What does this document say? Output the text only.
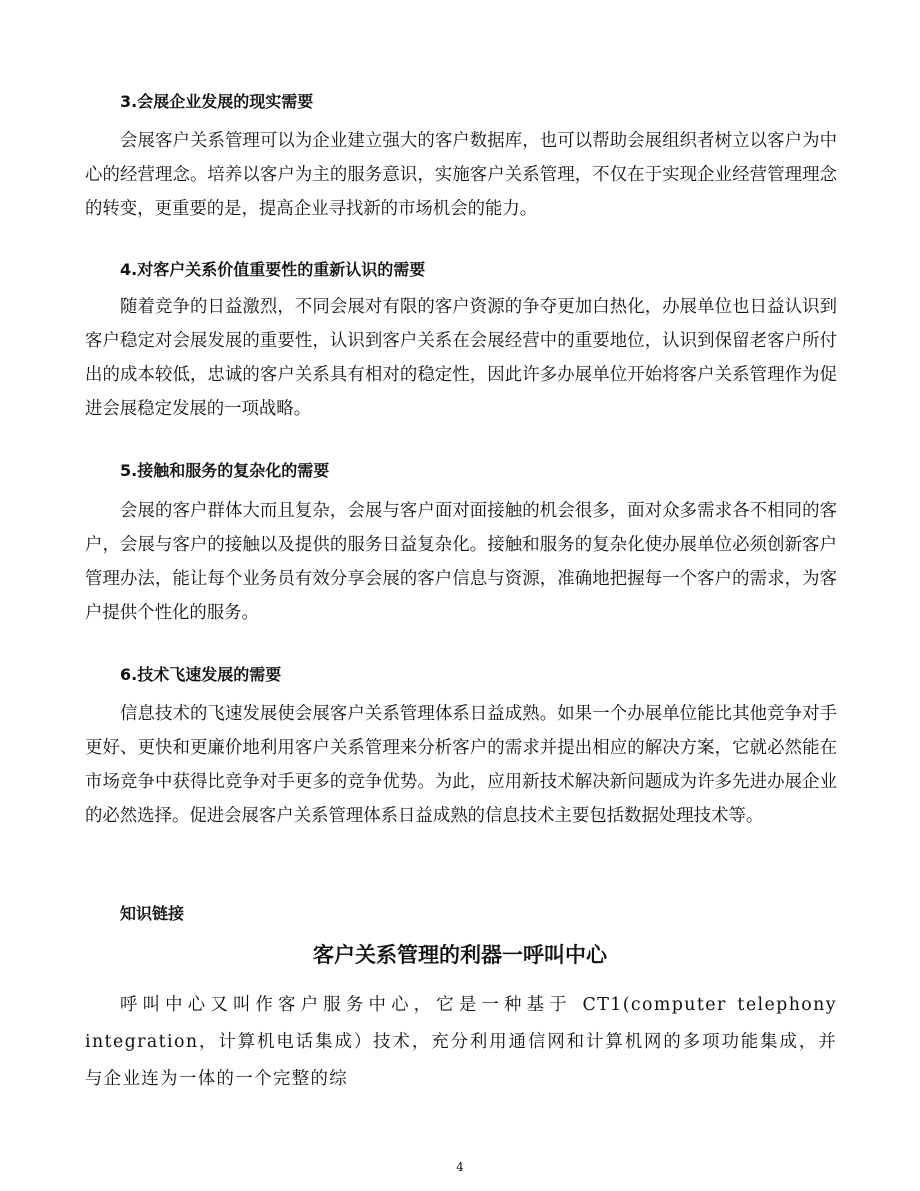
3.会展企业发展的现实需要

会展客户关系管理可以为企业建立强大的客户数据库，也可以帮助会展组织者树立以客户为中心的经营理念。培养以客户为主的服务意识，实施客户关系管理，不仅在于实现企业经营管理理念的转变，更重要的是，提高企业寻找新的市场机会的能力。

4.对客户关系价值重要性的重新认识的需要

随着竞争的日益激烈，不同会展对有限的客户资源的争夺更加白热化，办展单位也日益认识到客户稳定对会展发展的重要性，认识到客户关系在会展经营中的重要地位，认识到保留老客户所付出的成本较低，忠诚的客户关系具有相对的稳定性，因此许多办展单位开始将客户关系管理作为促进会展稳定发展的一项战略。

5.接触和服务的复杂化的需要

会展的客户群体大而且复杂，会展与客户面对面接触的机会很多，面对众多需求各不相同的客户，会展与客户的接触以及提供的服务日益复杂化。接触和服务的复杂化使办展单位必须创新客户管理办法，能让每个业务员有效分享会展的客户信息与资源，准确地把握每一个客户的需求，为客户提供个性化的服务。

6.技术飞速发展的需要

信息技术的飞速发展使会展客户关系管理体系日益成熟。如果一个办展单位能比其他竞争对手更好、更快和更廉价地利用客户关系管理来分析客户的需求并提出相应的解决方案，它就必然能在市场竞争中获得比竞争对手更多的竞争优势。为此，应用新技术解决新问题成为许多先进办展企业的必然选择。促进会展客户关系管理体系日益成熟的信息技术主要包括数据处理技术等。

知识链接
客户关系管理的利器一呼叫中心

呼叫中心又叫作客户服务中心，它是一种基于 CT1(computer telephony integration，计算机电话集成）技术，充分利用通信网和计算机网的多项功能集成，并与企业连为一体的一个完整的综

4
